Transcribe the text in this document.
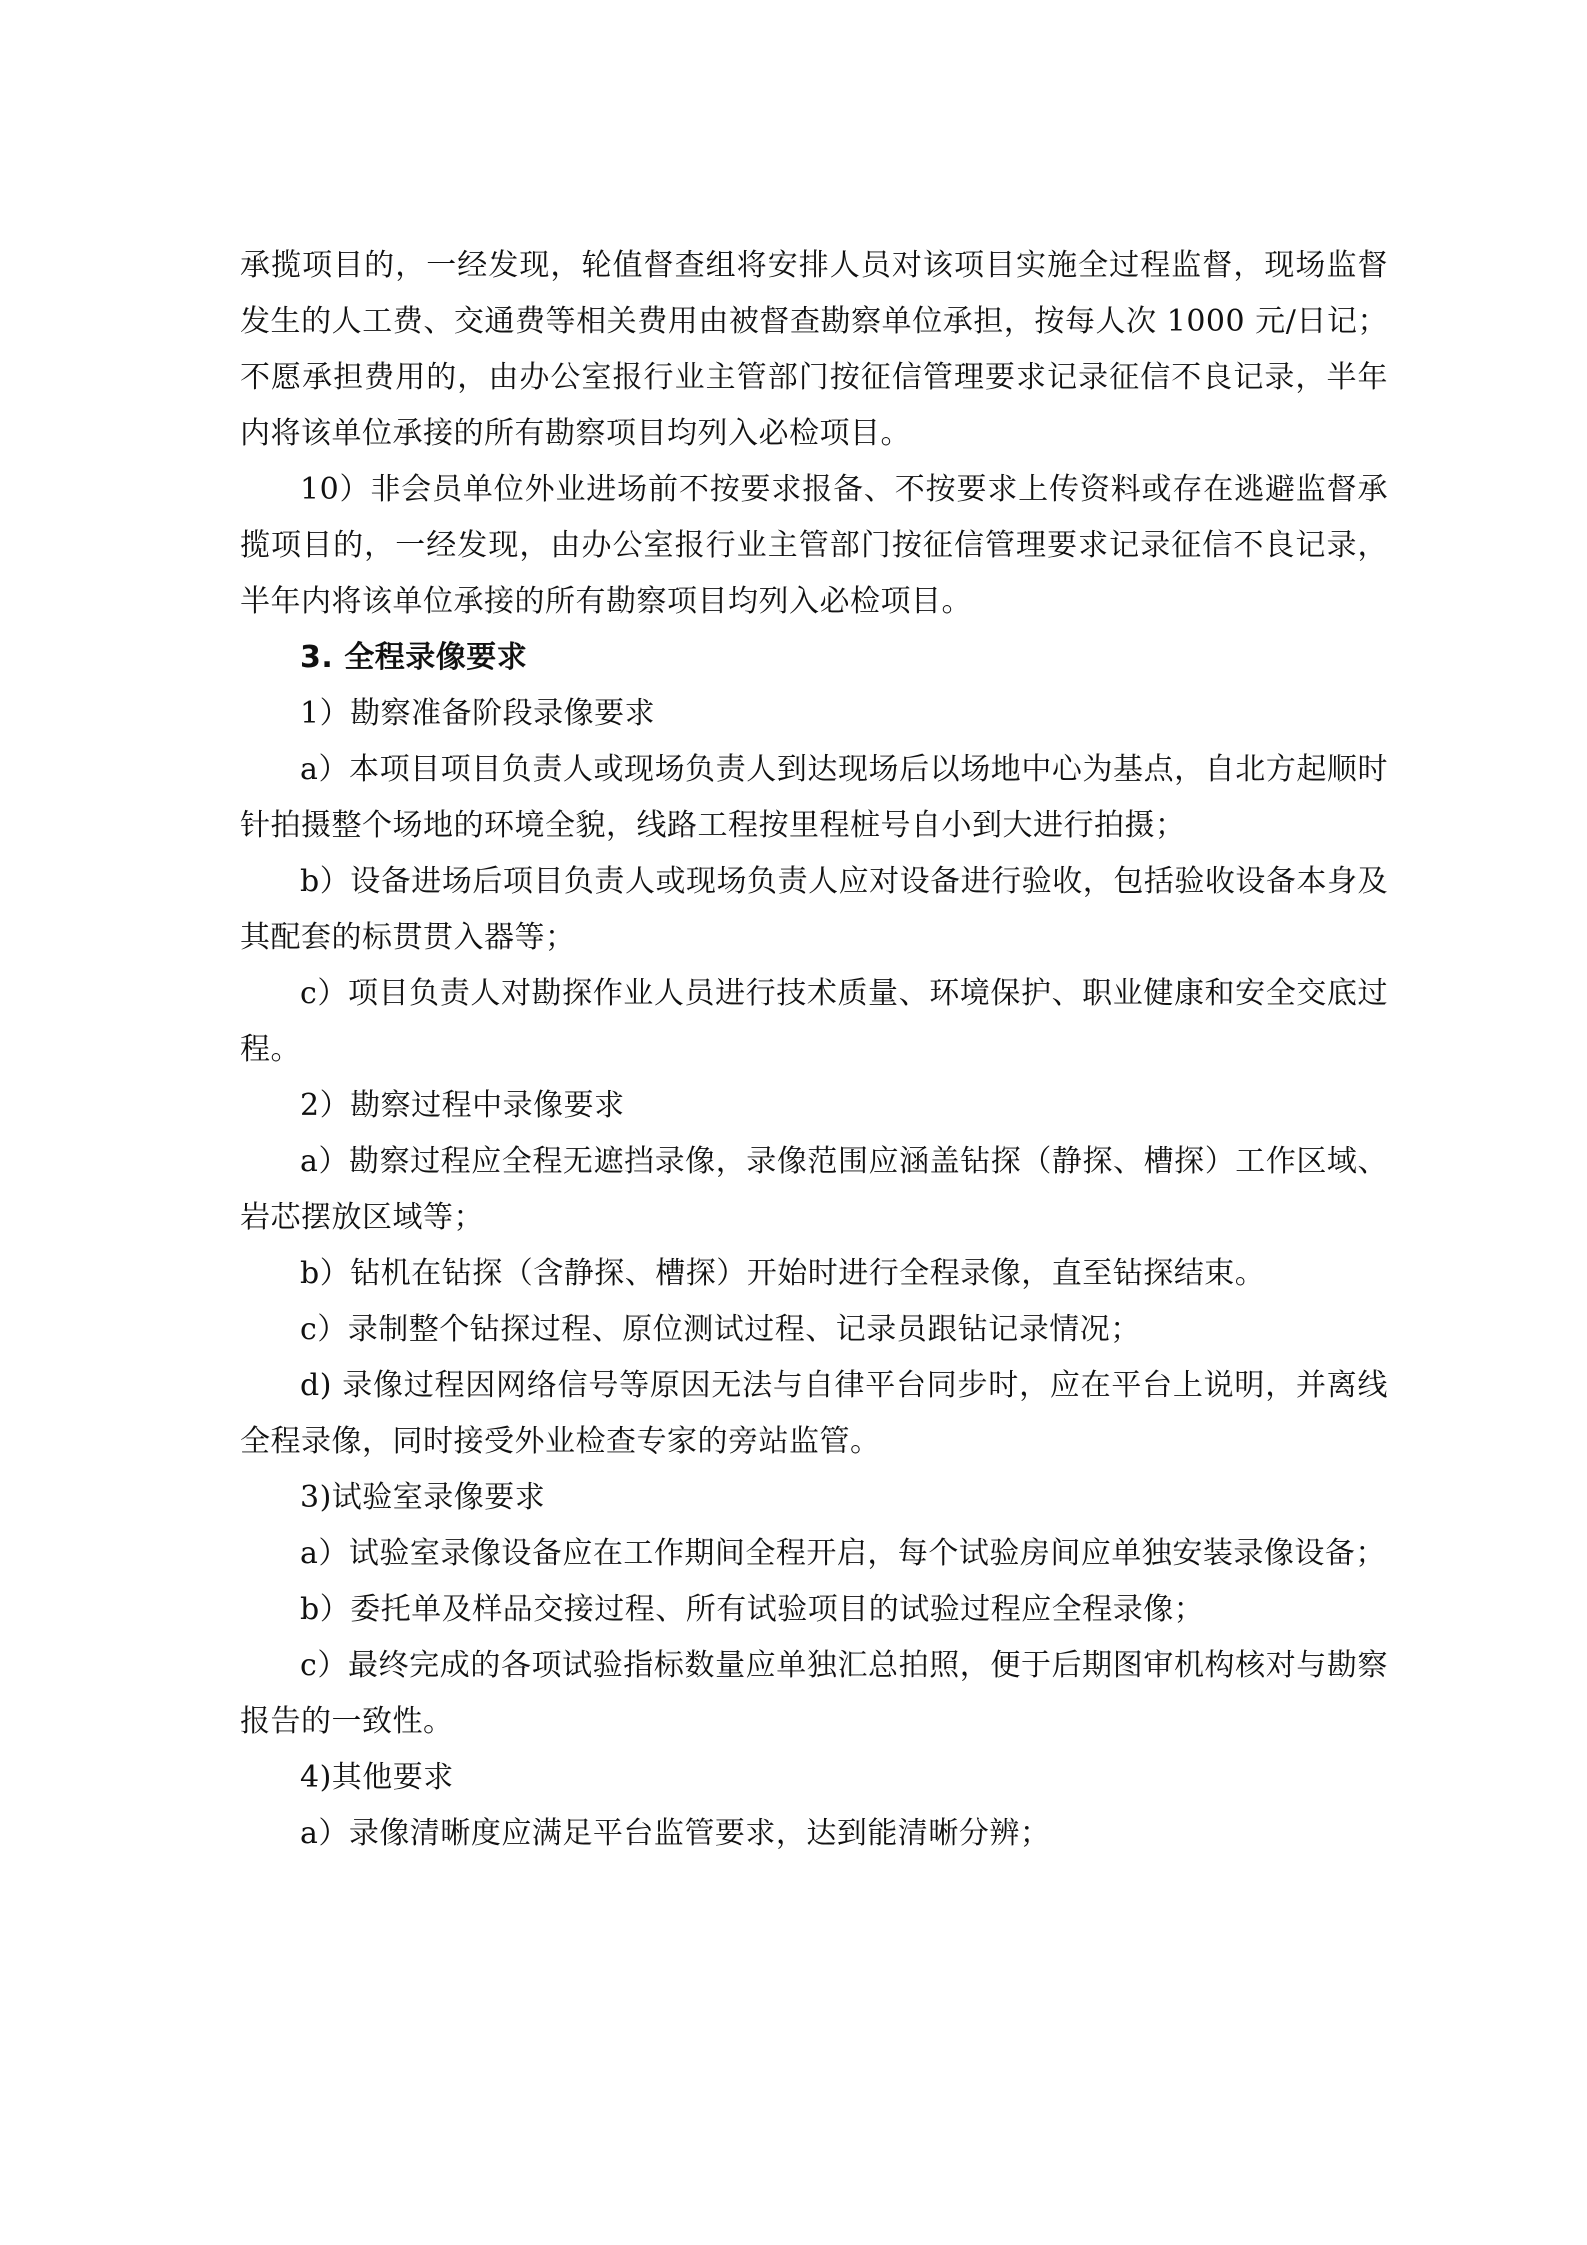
承揽项目的，一经发现，轮值督查组将安排人员对该项目实施全过程监督，现场监督发生的人工费、交通费等相关费用由被督查勘察单位承担，按每人次 1000 元/日记；不愿承担费用的，由办公室报行业主管部门按征信管理要求记录征信不良记录，半年内将该单位承接的所有勘察项目均列入必检项目。

10）非会员单位外业进场前不按要求报备、不按要求上传资料或存在逃避监督承揽项目的，一经发现，由办公室报行业主管部门按征信管理要求记录征信不良记录，半年内将该单位承接的所有勘察项目均列入必检项目。

3. 全程录像要求

1）勘察准备阶段录像要求

a）本项目项目负责人或现场负责人到达现场后以场地中心为基点，自北方起顺时针拍摄整个场地的环境全貌，线路工程按里程桩号自小到大进行拍摄；

b）设备进场后项目负责人或现场负责人应对设备进行验收，包括验收设备本身及其配套的标贯贯入器等；

c）项目负责人对勘探作业人员进行技术质量、环境保护、职业健康和安全交底过程。

2）勘察过程中录像要求

a）勘察过程应全程无遮挡录像，录像范围应涵盖钻探（静探、槽探）工作区域、岩芯摆放区域等；

b）钻机在钻探（含静探、槽探）开始时进行全程录像，直至钻探结束。

c）录制整个钻探过程、原位测试过程、记录员跟钻记录情况；

d) 录像过程因网络信号等原因无法与自律平台同步时，应在平台上说明，并离线全程录像，同时接受外业检查专家的旁站监管。

3)试验室录像要求

a）试验室录像设备应在工作期间全程开启，每个试验房间应单独安装录像设备；

b）委托单及样品交接过程、所有试验项目的试验过程应全程录像；

c）最终完成的各项试验指标数量应单独汇总拍照，便于后期图审机构核对与勘察报告的一致性。

4)其他要求

a）录像清晰度应满足平台监管要求，达到能清晰分辨；
